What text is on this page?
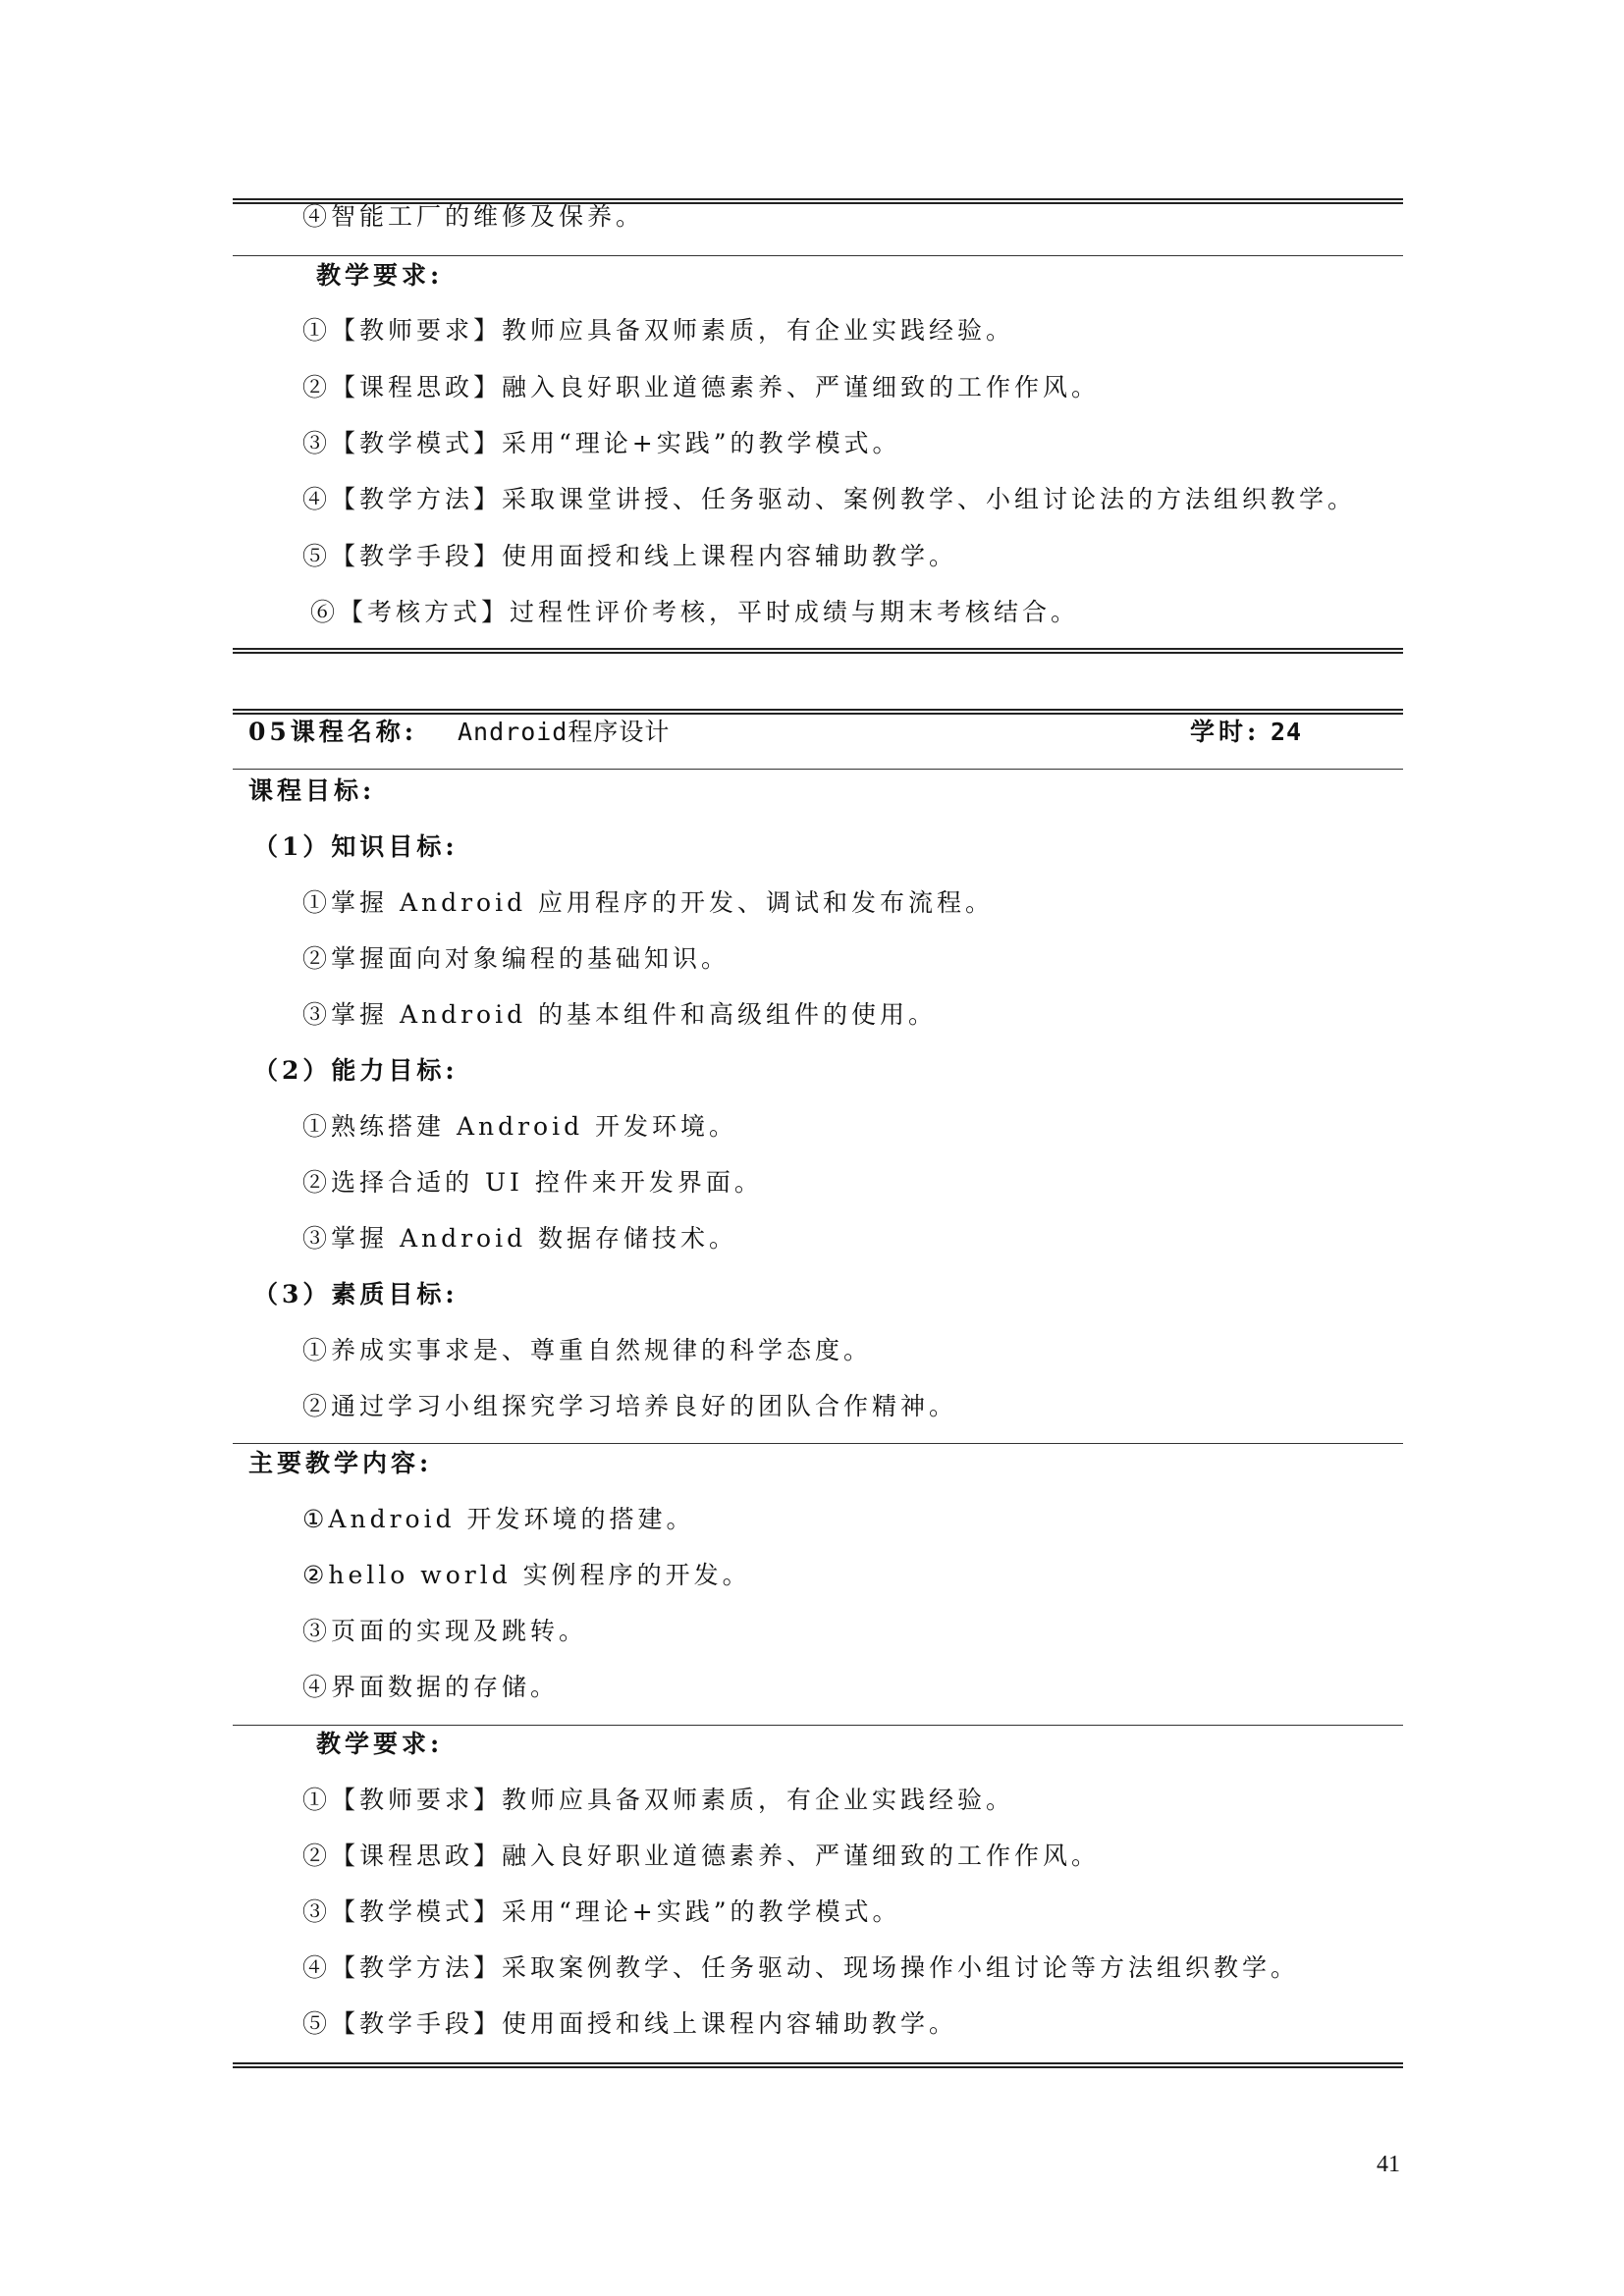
④智能工厂的维修及保养。
教学要求:
①【教师要求】教师应具备双师素质，有企业实践经验。
②【课程思政】融入良好职业道德素养、严谨细致的工作作风。
③【教学模式】采用“理论+实践”的教学模式。
④【教学方法】采取课堂讲授、任务驱动、案例教学、小组讨论法的方法组织教学。
⑤【教学手段】使用面授和线上课程内容辅助教学。
⑥【考核方式】过程性评价考核，平时成绩与期末考核结合。
05课程名称: Android程序设计	学时: 24
课程目标:
（1）知识目标:
①掌握 Android 应用程序的开发、调试和发布流程。
②掌握面向对象编程的基础知识。
③掌握 Android 的基本组件和高级组件的使用。
（2）能力目标:
①熟练搭建 Android 开发环境。
②选择合适的 UI 控件来开发界面。
③掌握 Android 数据存储技术。
（3）素质目标:
①养成实事求是、尊重自然规律的科学态度。
②通过学习小组探究学习培养良好的团队合作精神。
主要教学内容:
①Android 开发环境的搭建。
②hello world 实例程序的开发。
③页面的实现及跳转。
④界面数据的存储。
教学要求:
①【教师要求】教师应具备双师素质，有企业实践经验。
②【课程思政】融入良好职业道德素养、严谨细致的工作作风。
③【教学模式】采用“理论+实践”的教学模式。
④【教学方法】采取案例教学、任务驱动、现场操作小组讨论等方法组织教学。
⑤【教学手段】使用面授和线上课程内容辅助教学。
41
